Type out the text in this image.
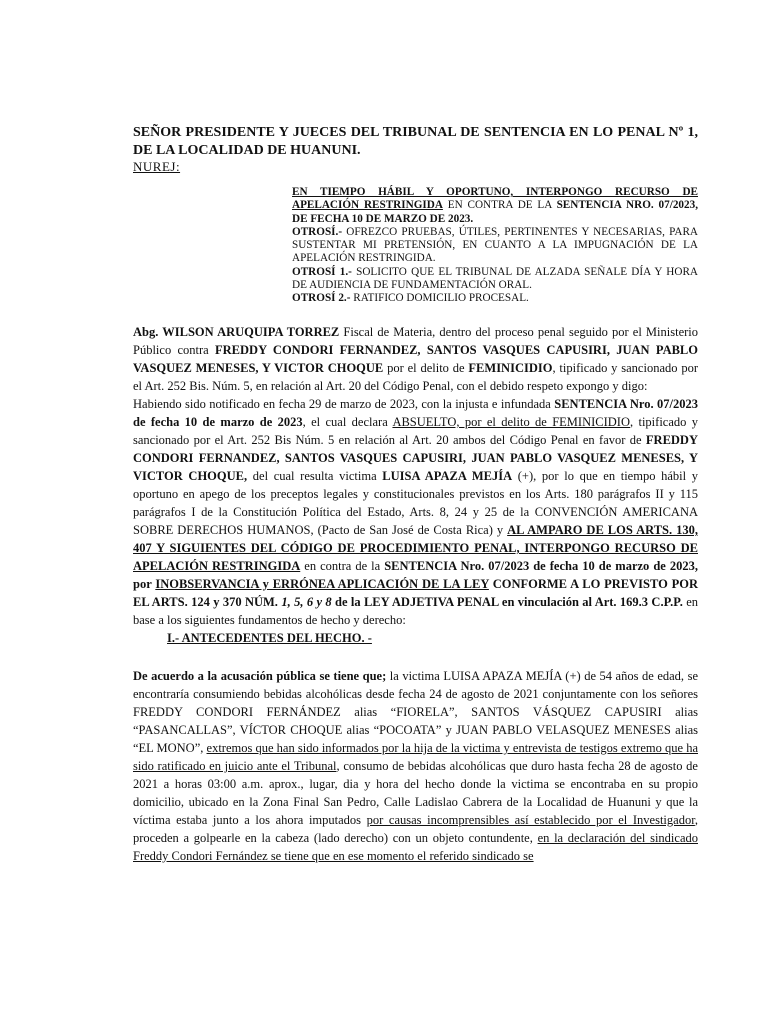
SEÑOR PRESIDENTE Y JUECES DEL TRIBUNAL DE SENTENCIA EN LO PENAL Nº 1, DE LA LOCALIDAD DE HUANUNI.
NUREJ:

EN TIEMPO HÁBIL Y OPORTUNO, INTERPONGO RECURSO DE APELACIÓN RESTRINGIDA EN CONTRA DE LA SENTENCIA NRO. 07/2023, DE FECHA 10 DE MARZO DE 2023.

OTROSÍ.- OFREZCO PRUEBAS, ÚTILES, PERTINENTES Y NECESARIAS, PARA SUSTENTAR MI PRETENSIÓN, EN CUANTO A LA IMPUGNACIÓN DE LA APELACIÓN RESTRINGIDA.

OTROSÍ 1.- SOLICITO QUE EL TRIBUNAL DE ALZADA SEÑALE DÍA Y HORA DE AUDIENCIA DE FUNDAMENTACIÓN ORAL.

OTROSÍ 2.- RATIFICO DOMICILIO PROCESAL.

Abg. WILSON ARUQUIPA TORREZ Fiscal de Materia, dentro del proceso penal seguido por el Ministerio Público contra FREDDY CONDORI FERNANDEZ, SANTOS VASQUES CAPUSIRI, JUAN PABLO VASQUEZ MENESES, Y VICTOR CHOQUE por el delito de FEMINICIDIO, tipificado y sancionado por el Art. 252 Bis. Núm. 5, en relación al Art. 20 del Código Penal, con el debido respeto expongo y digo:

Habiendo sido notificado en fecha 29 de marzo de 2023, con la injusta e infundada SENTENCIA Nro. 07/2023 de fecha 10 de marzo de 2023, el cual declara ABSUELTO, por el delito de FEMINICIDIO, tipificado y sancionado por el Art. 252 Bis Núm. 5 en relación al Art. 20 ambos del Código Penal en favor de FREDDY CONDORI FERNANDEZ, SANTOS VASQUES CAPUSIRI, JUAN PABLO VASQUEZ MENESES, Y VICTOR CHOQUE, del cual resulta victima LUISA APAZA MEJÍA (+), por lo que en tiempo hábil y oportuno en apego de los preceptos legales y constitucionales previstos en los Arts. 180 parágrafos II y 115 parágrafos I de la Constitución Política del Estado, Arts. 8, 24 y 25 de la CONVENCIÓN AMERICANA SOBRE DERECHOS HUMANOS, (Pacto de San José de Costa Rica) y AL AMPARO DE LOS ARTS. 130, 407 Y SIGUIENTES DEL CÓDIGO DE PROCEDIMIENTO PENAL, INTERPONGO RECURSO DE APELACIÓN RESTRINGIDA en contra de la SENTENCIA Nro. 07/2023 de fecha 10 de marzo de 2023, por INOBSERVANCIA y ERRÓNEA APLICACIÓN DE LA LEY CONFORME A LO PREVISTO POR EL ARTS. 124 y 370 NÚM. 1, 5, 6 y 8 de la LEY ADJETIVA PENAL en vinculación al Art. 169.3 C.P.P. en base a los siguientes fundamentos de hecho y derecho:

I.- ANTECEDENTES DEL HECHO. -

De acuerdo a la acusación pública se tiene que; la victima LUISA APAZA MEJÍA (+) de 54 años de edad, se encontraría consumiendo bebidas alcohólicas desde fecha 24 de agosto de 2021 conjuntamente con los señores FREDDY CONDORI FERNÁNDEZ alias “FIORELA”, SANTOS VÁSQUEZ CAPUSIRI alias “PASANCALLAS”, VÍCTOR CHOQUE alias “POCOATA” y JUAN PABLO VELASQUEZ MENESES alias “EL MONO”, extremos que han sido informados por la hija de la victima y entrevista de testigos extremo que ha sido ratificado en juicio ante el Tribunal, consumo de bebidas alcohólicas que duro hasta fecha 28 de agosto de 2021 a horas 03:00 a.m. aprox., lugar, dia y hora del hecho donde la victima se encontraba en su propio domicilio, ubicado en la Zona Final San Pedro, Calle Ladislao Cabrera de la Localidad de Huanuni y que la víctima estaba junto a los ahora imputados por causas incomprensibles así establecido por el Investigador, proceden a golpearle en la cabeza (lado derecho) con un objeto contundente, en la declaración del sindicado Freddy Condori Fernández se tiene que en ese momento el referido sindicado se
